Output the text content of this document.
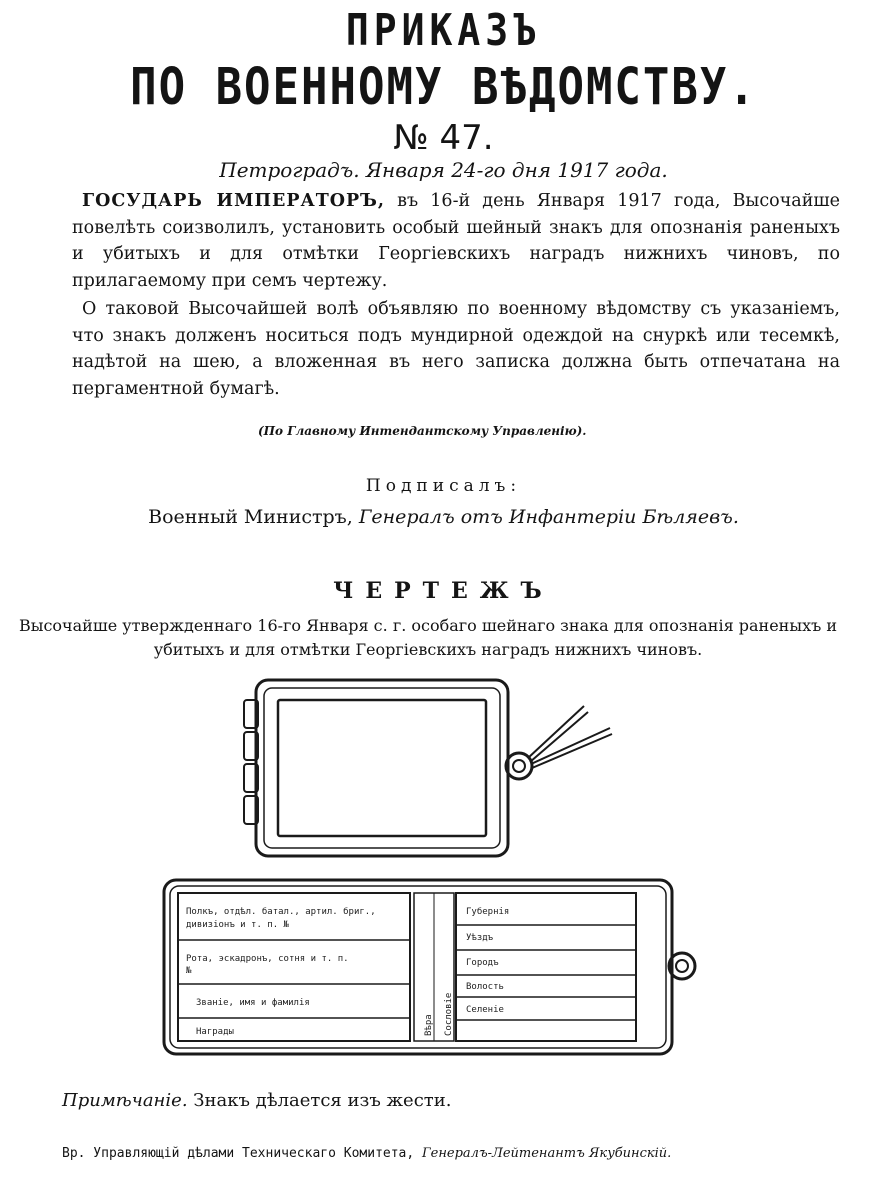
ПРИКАЗЪ
ПО ВОЕННОМУ ВѢДОМСТВУ.
№ 47.
Петроградъ. Января 24-го дня 1917 года.
ГОСУДАРЬ ИМПЕРАТОРЪ, въ 16-й день Января 1917 года, Высочайше повелѣть соизволилъ, установить особый шейный знакъ для опознанія раненыхъ и убитыхъ и для отмѣтки Георгіевскихъ наградъ нижнихъ чиновъ, по прилагаемому при семъ чертежу.
О таковой Высочайшей волѣ объявляю по военному вѣдомству съ указаніемъ, что знакъ долженъ носиться подъ мундирной одеждой на снуркѣ или тесемкѣ, надѣтой на шею, а вложенная въ него записка должна быть отпечатана на пергаментной бумагѣ.
(По Главному Интендантскому Управленію).
Подписалъ:
Военный Министръ, Генералъ отъ Инфантеріи Бѣляевъ.
ЧЕРТЕЖЪ
Высочайше утвержденнаго 16-го Января с. г. особаго шейнаго знака для опознанія раненыхъ и убитыхъ и для отмѣтки Георгіевскихъ наградъ нижнихъ чиновъ.
Полкъ, отдѣл. батал., артил. бриг.,
дивизіонъ и т. п. №
Рота, эскадронъ, сотня и т. п.
№
Званіе, имя и фамилія
Награды	Вѣра Сословіе
Губернія
Уѣздъ
Городъ
Волость
Селеніе
Примѣчаніе. Знакъ дѣлается изъ жести.
Вр. Управляющій дѣлами Техническаго Комитета, Генералъ-Лейтенантъ Якубинскій.
